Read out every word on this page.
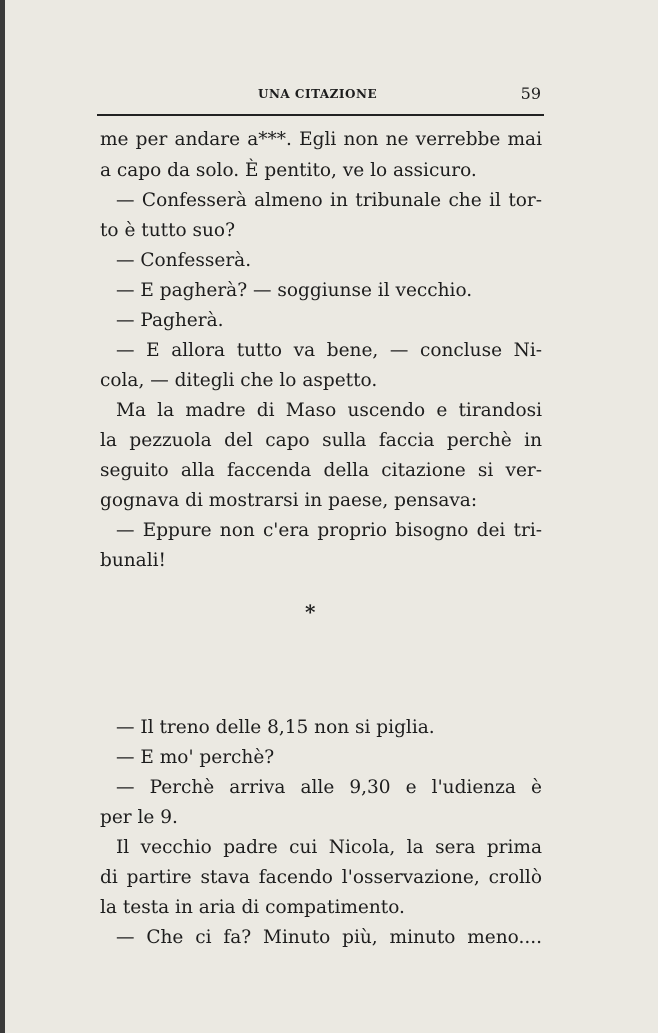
UNA CITAZIONE	59

me per andare a***. Egli non ne verrebbe mai

a capo da solo. È pentito, ve lo assicuro.

— Confesserà almeno in tribunale che il tor-

to è tutto suo?

— Confesserà.

— E pagherà? — soggiunse il vecchio.

— Pagherà.

— E allora tutto va bene, — concluse Ni-

cola, — ditegli che lo aspetto.

Ma la madre di Maso uscendo e tirandosi

la pezzuola del capo sulla faccia perchè in

seguito alla faccenda della citazione si ver-

gognava di mostrarsi in paese, pensava:

— Eppure non c'era proprio bisogno dei tri-

bunali!

*

— Il treno delle 8,15 non si piglia.

— E mo' perchè?

— Perchè arriva alle 9,30 e l'udienza è

per le 9.

Il vecchio padre cui Nicola, la sera prima

di partire stava facendo l'osservazione, crollò

la testa in aria di compatimento.

— Che ci fa? Minuto più, minuto meno....
